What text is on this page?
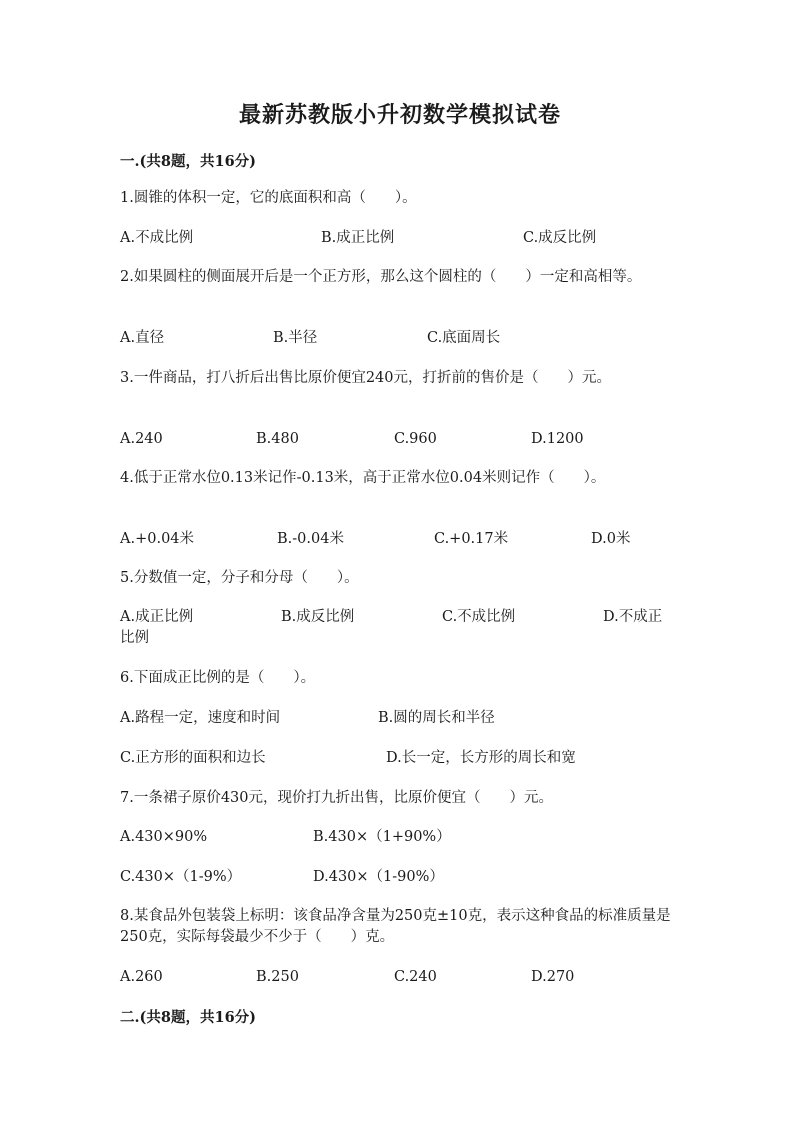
最新苏教版小升初数学模拟试卷
一.(共8题，共16分)
1.圆锥的体积一定，它的底面积和高（　　）。
A.不成比例	B.成正比例	C.成反比例
2.如果圆柱的侧面展开后是一个正方形，那么这个圆柱的（　　）一定和高相等。
A.直径	B.半径	C.底面周长
3.一件商品，打八折后出售比原价便宜240元，打折前的售价是（　　）元。
A.240	B.480	C.960	D.1200
4.低于正常水位0.13米记作-0.13米，高于正常水位0.04米则记作（　　）。
A.+0.04米	B.-0.04米	C.+0.17米	D.0米
5.分数值一定，分子和分母（　　）。
A.成正比例	B.成反比例	C.不成比例	D.不成正
比例
6.下面成正比例的是（　　）。
A.路程一定，速度和时间	B.圆的周长和半径
C.正方形的面积和边长	D.长一定，长方形的周长和宽
7.一条裙子原价430元，现价打九折出售，比原价便宜（　　）元。
A.430×90%	B.430×（1+90%）
C.430×（1-9%）	D.430×（1-90%）
8.某食品外包装袋上标明：该食品净含量为250克±10克，表示这种食品的标准质量是250克，实际每袋最少不少于（　　）克。
A.260	B.250	C.240	D.270
二.(共8题，共16分)
